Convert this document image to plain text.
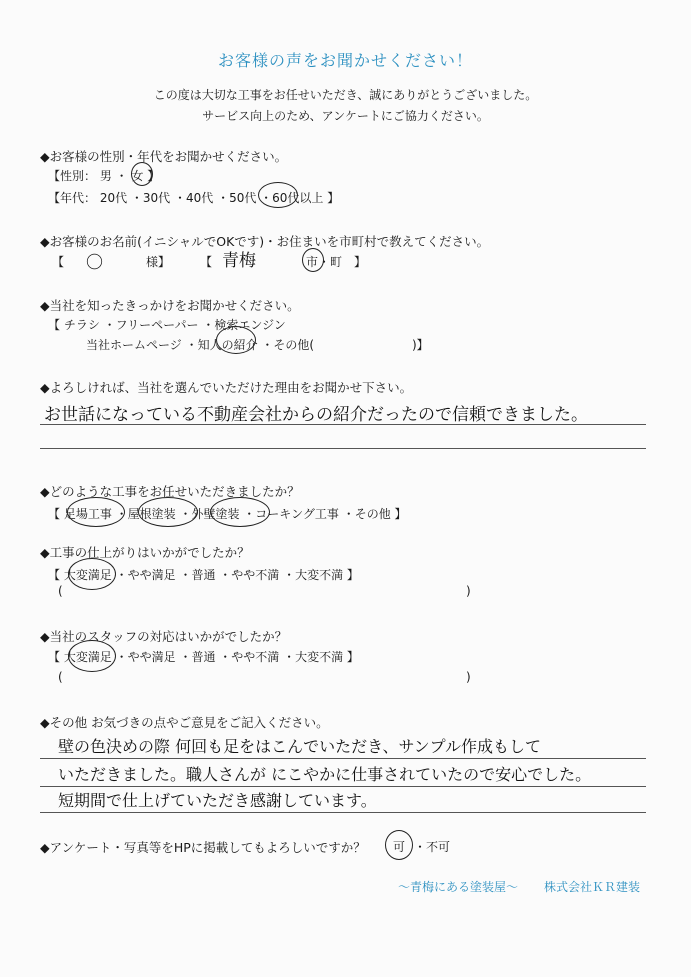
お客様の声をお聞かせください！
この度は大切な工事をお任せいただき、誠にありがとうございました。
サービス向上のため、アンケートにご協力ください。
◆お客様の性別・年代をお聞かせください。
【性別： 男 ・ 女 】
【年代： 20代 ・30代 ・40代 ・50代 ・60代以上 】
◆お客様のお名前(イニシャルでOKです)・お住まいを市町村で教えてください。
【 〇	様】 【 青梅	市・町 】
◆当社を知ったきっかけをお聞かせください。
【 チラシ ・フリーペーパー ・検索エンジン
当社ホームページ ・知人の紹介 ・その他(	)】
◆よろしければ、当社を選んでいただけた理由をお聞かせ下さい。
お世話になっている不動産会社からの紹介だったので信頼できました。
◆どのような工事をお任せいただきましたか？
【 足場工事 ・屋根塗装 ・外壁塗装 ・コーキング工事 ・その他 】
◆工事の仕上がりはいかがでしたか？
【 大変満足 ・やや満足 ・普通 ・やや不満 ・大変不満 】
(	)
◆当社のスタッフの対応はいかがでしたか？
【 大変満足 ・やや満足 ・普通 ・やや不満 ・大変不満 】
(	)
◆その他 お気づきの点やご意見をご記入ください。
壁の色決めの際 何回も足をはこんでいただき、サンプル作成もして
いただきました。職人さんが にこやかに仕事されていたので安心でした。
短期間で仕上げていただき感謝しています。
◆アンケート・写真等をHPに掲載してもよろしいですか？ 可 ・不可
〜青梅にある塗装屋〜 株式会社ＫＲ建装
